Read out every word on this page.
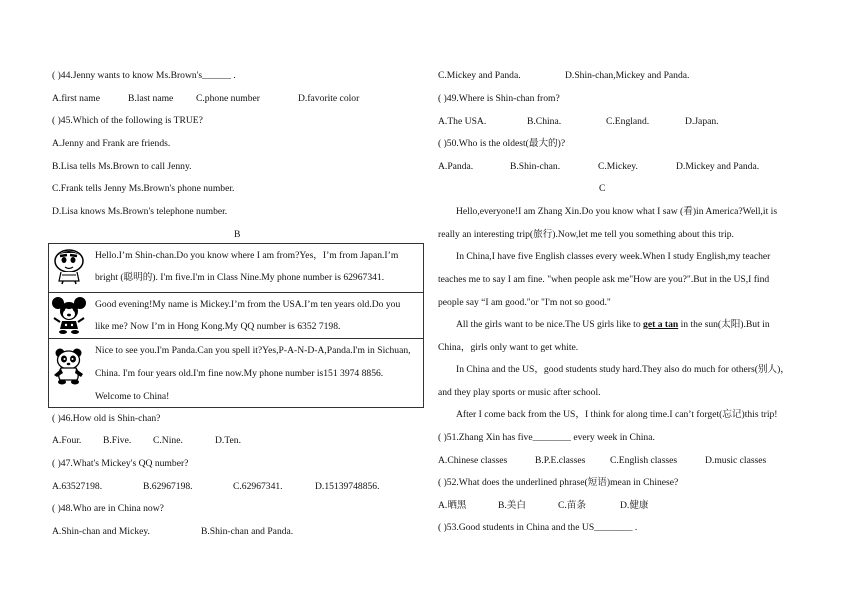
( )44.Jenny wants to know Ms.Brown's______ .
A.first name	B.last name C.phone number	D.favorite color
( )45.Which of the following is TRUE?
A.Jenny and Frank are friends.
B.Lisa tells Ms.Brown to call Jenny.
C.Frank tells Jenny Ms.Brown's phone number.
D.Lisa knows Ms.Brown's telephone number.
B
Hello.I’m Shin-chan.Do you know where I am from?Yes，I’m from Japan.I’m
bright (聪明的). I'm five.I'm in Class Nine.My phone number is 62967341.
Good evening!My name is Mickey.I’m from the USA.I’m ten years old.Do you
like me? Now I’m in Hong Kong.My QQ number is 6352 7198.
Nice to see you.I'm Panda.Can you spell it?Yes,P-A-N-D-A,Panda.I'm in Sichuan,
China. I'm four years old.I'm fine now.My phone number is151 3974 8856.
Welcome to China!
( )46.How old is Shin-chan?
A.Four. B.Five. C.Nine.	D.Ten.
( )47.What's Mickey's QQ number?
A.63527198.	B.62967198.	C.62967341.	D.15139748856.
( )48.Who are in China now?
A.Shin-chan and Mickey.	B.Shin-chan and Panda.
C.Mickey and Panda.	D.Shin-chan,Mickey and Panda.
( )49.Where is Shin-chan from?
A.The USA.	B.China.	C.England.	D.Japan.
( )50.Who is the oldest(最大的)?
A.Panda.	B.Shin-chan.	C.Mickey.	D.Mickey and Panda.
C
Hello,everyone!I am Zhang Xin.Do you know what I saw (看)in America?Well,it is
really an interesting trip(旅行).Now,let me tell you something about this trip.
In China,I have five English classes every week.When I study English,my teacher
teaches me to say I am fine. "when people ask me"How are you?".But in the US,I find
people say “I am good."or "I'm not so good."
All the girls want to be nice.The US girls like to get a tan in the sun(太阳).But in
China，girls only want to get white.
In China and the US，good students study hard.They also do much for others(别人)，
and they play sports or music after school.
After I come back from the US，I think for along time.I can’t forget(忘记)this trip!
( )51.Zhang Xin has five________ every week in China.
A.Chinese classes	B.P.E.classes	C.English classes	D.music classes
( )52.What does the underlined phrase(短语)mean in Chinese?
A.晒黑	B.美白	C.苗条	D.健康
( )53.Good students in China and the US________ .
